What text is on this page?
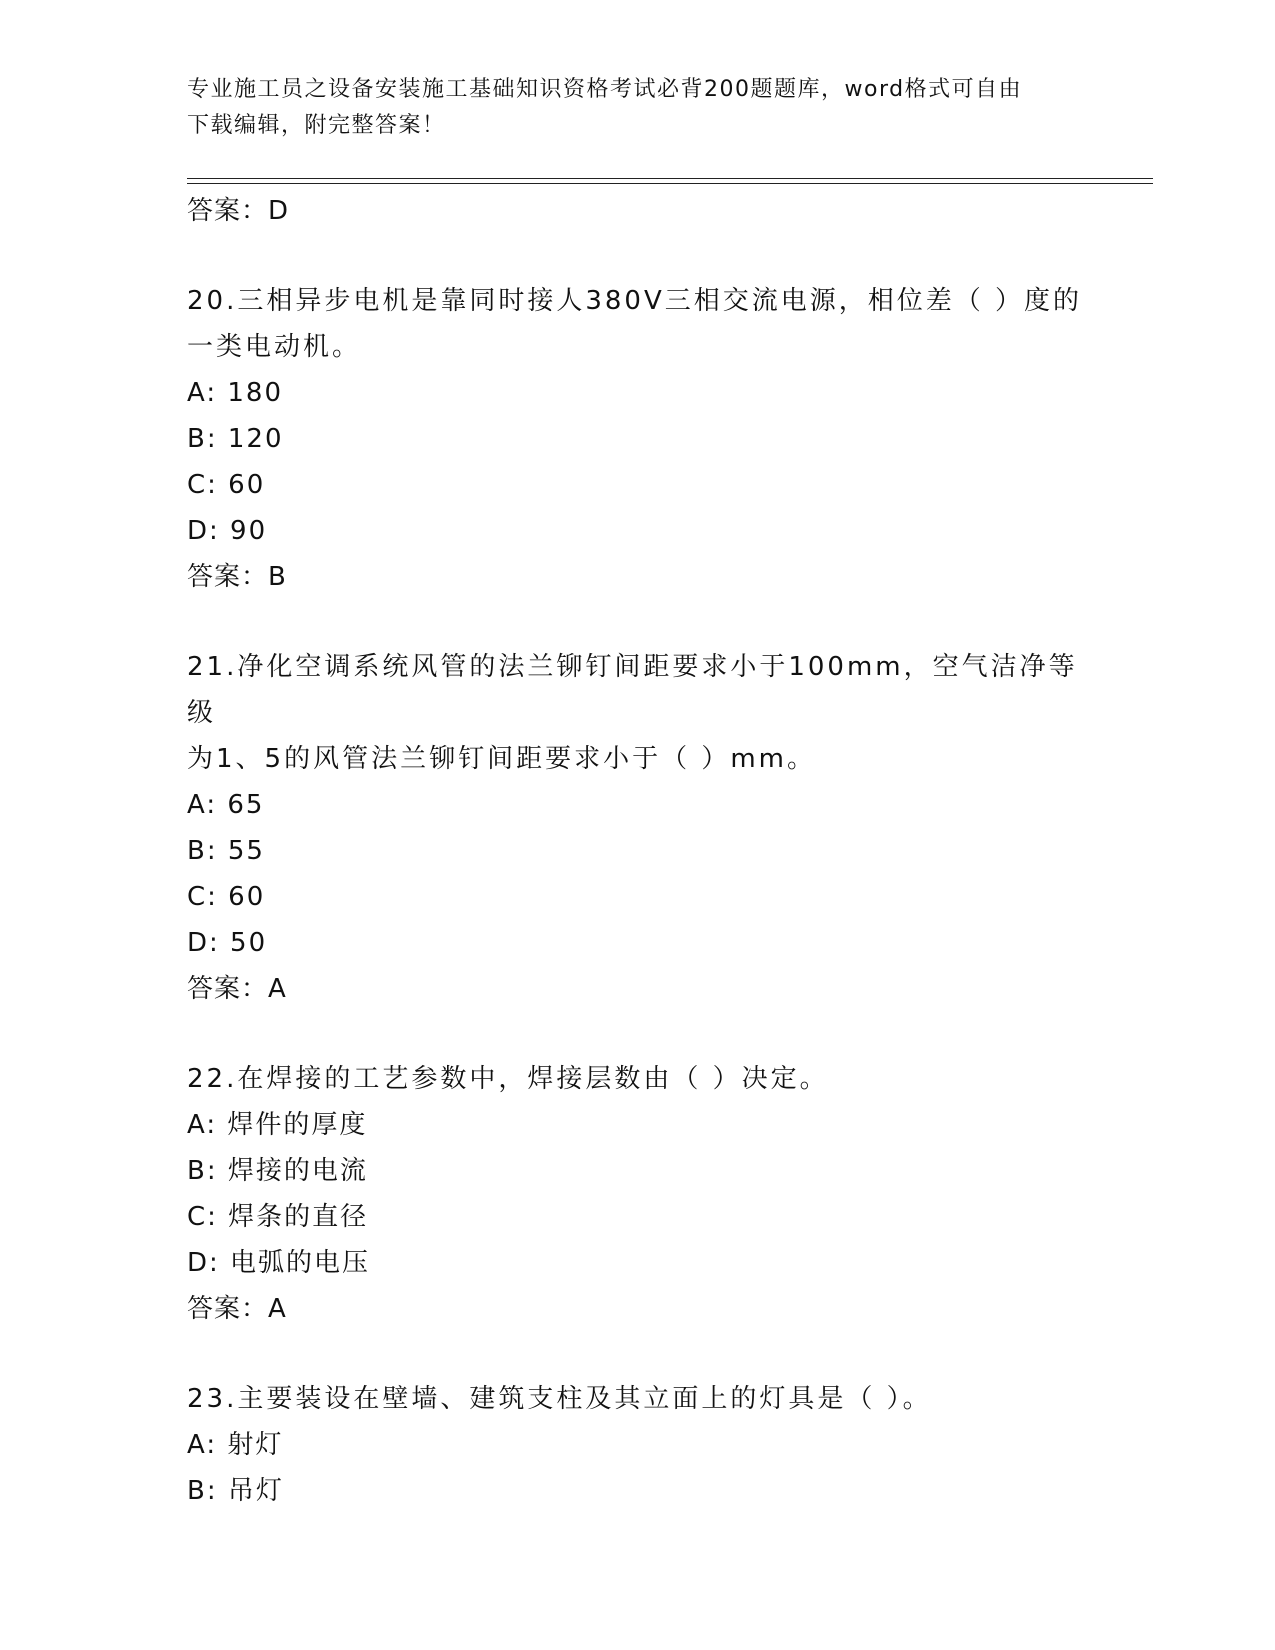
专业施工员之设备安装施工基础知识资格考试必背200题题库，word格式可自由
下载编辑，附完整答案！

答案：D

20.三相异步电机是靠同时接人380V三相交流电源，相位差（ ）度的

一类电动机。

A: 180

B: 120

C: 60

D: 90

答案：B

21.净化空调系统风管的法兰铆钉间距要求小于100mm，空气洁净等级

为1、5的风管法兰铆钉间距要求小于（ ）mm。

A: 65

B: 55

C: 60

D: 50

答案：A

22.在焊接的工艺参数中，焊接层数由（ ）决定。

A: 焊件的厚度

B: 焊接的电流

C: 焊条的直径

D: 电弧的电压

答案：A

23.主要装设在壁墙、建筑支柱及其立面上的灯具是（ ）。

A: 射灯

B: 吊灯
